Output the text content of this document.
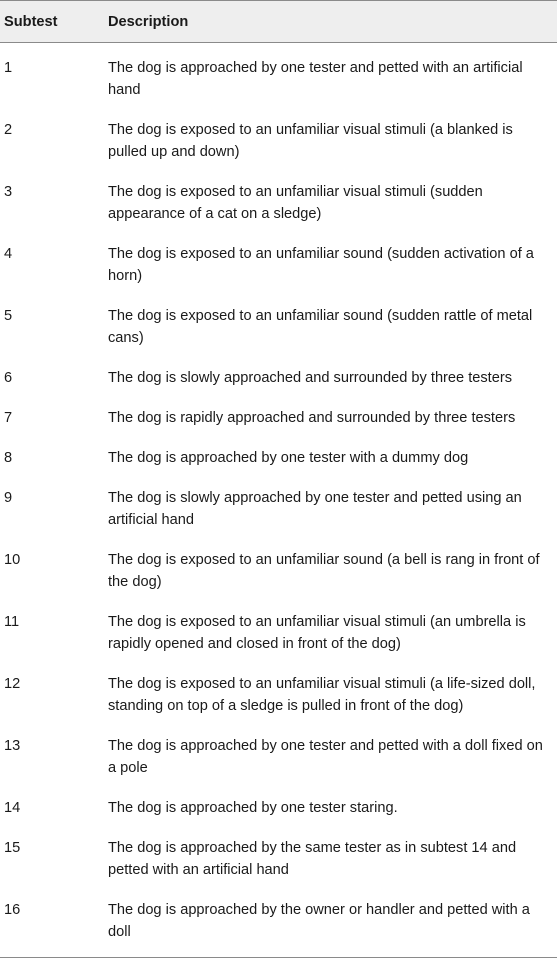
Subtest	Description
1	The dog is approached by one tester and petted with an artificial hand
2	The dog is exposed to an unfamiliar visual stimuli (a blanked is pulled up and down)
3	The dog is exposed to an unfamiliar visual stimuli (sudden appearance of a cat on a sledge)
4	The dog is exposed to an unfamiliar sound (sudden activation of a horn)
5	The dog is exposed to an unfamiliar sound (sudden rattle of metal cans)
6	The dog is slowly approached and surrounded by three testers
7	The dog is rapidly approached and surrounded by three testers
8	The dog is approached by one tester with a dummy dog
9	The dog is slowly approached by one tester and petted using an artificial hand
10	The dog is exposed to an unfamiliar sound (a bell is rang in front of the dog)
11	The dog is exposed to an unfamiliar visual stimuli (an umbrella is rapidly opened and closed in front of the dog)
12	The dog is exposed to an unfamiliar visual stimuli (a life-sized doll, standing on top of a sledge is pulled in front of the dog)
13	The dog is approached by one tester and petted with a doll fixed on a pole
14	The dog is approached by one tester staring.
15	The dog is approached by the same tester as in subtest 14 and petted with an artificial hand
16	The dog is approached by the owner or handler and petted with a doll
